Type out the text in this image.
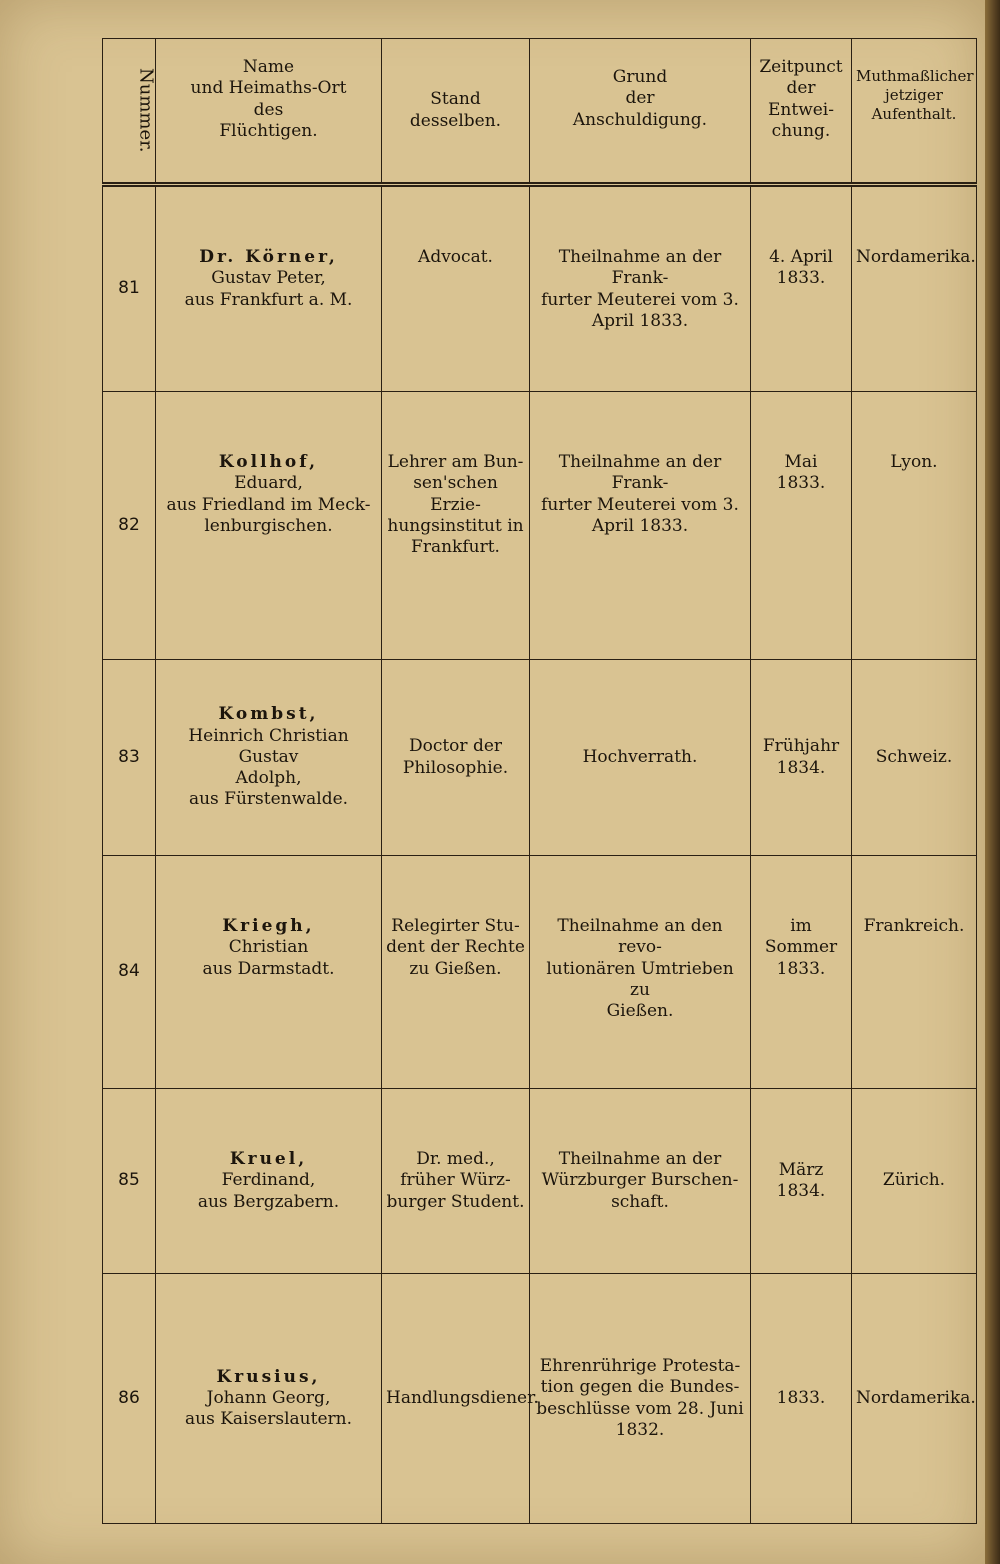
Nummer.	Name
und Heimaths-Ort
des
Flüchtigen.	Stand desselben.	Grund
der
Anschuldigung.	Zeitpunct
der
Entwei-
chung.	Muthmaßlicher
jetziger
Aufenthalt.

81	Dr. Körner,
Gustav Peter,
aus Frankfurt a. M.	Advocat.	Theilnahme an der Frank-
furter Meuterei vom 3.
April 1833.	4. April
1833.	Nordamerika.
82	Kollhof,
Eduard,
aus Friedland im Meck-
lenburgischen.	Lehrer am Bun-
sen'schen Erzie-
hungsinstitut in
Frankfurt.	Theilnahme an der Frank-
furter Meuterei vom 3.
April 1833.	Mai
1833.	Lyon.
83	Kombst,
Heinrich Christian Gustav
Adolph,
aus Fürstenwalde.	Doctor der
Philosophie.	Hochverrath.	Frühjahr
1834.	Schweiz.
84	Kriegh,
Christian
aus Darmstadt.	Relegirter Stu-
dent der Rechte
zu Gießen.	Theilnahme an den revo-
lutionären Umtrieben zu
Gießen.	im
Sommer
1833.	Frankreich.
85	Kruel,
Ferdinand,
aus Bergzabern.	Dr. med.,
früher Würz-
burger Student.	Theilnahme an der
Würzburger Burschen-
schaft.	März
1834.	Zürich.
86	Krusius,
Johann Georg,
aus Kaiserslautern.	Handlungsdiener.	Ehrenrührige Protesta-
tion gegen die Bundes-
beschlüsse vom 28. Juni
1832.	1833.	Nordamerika.
